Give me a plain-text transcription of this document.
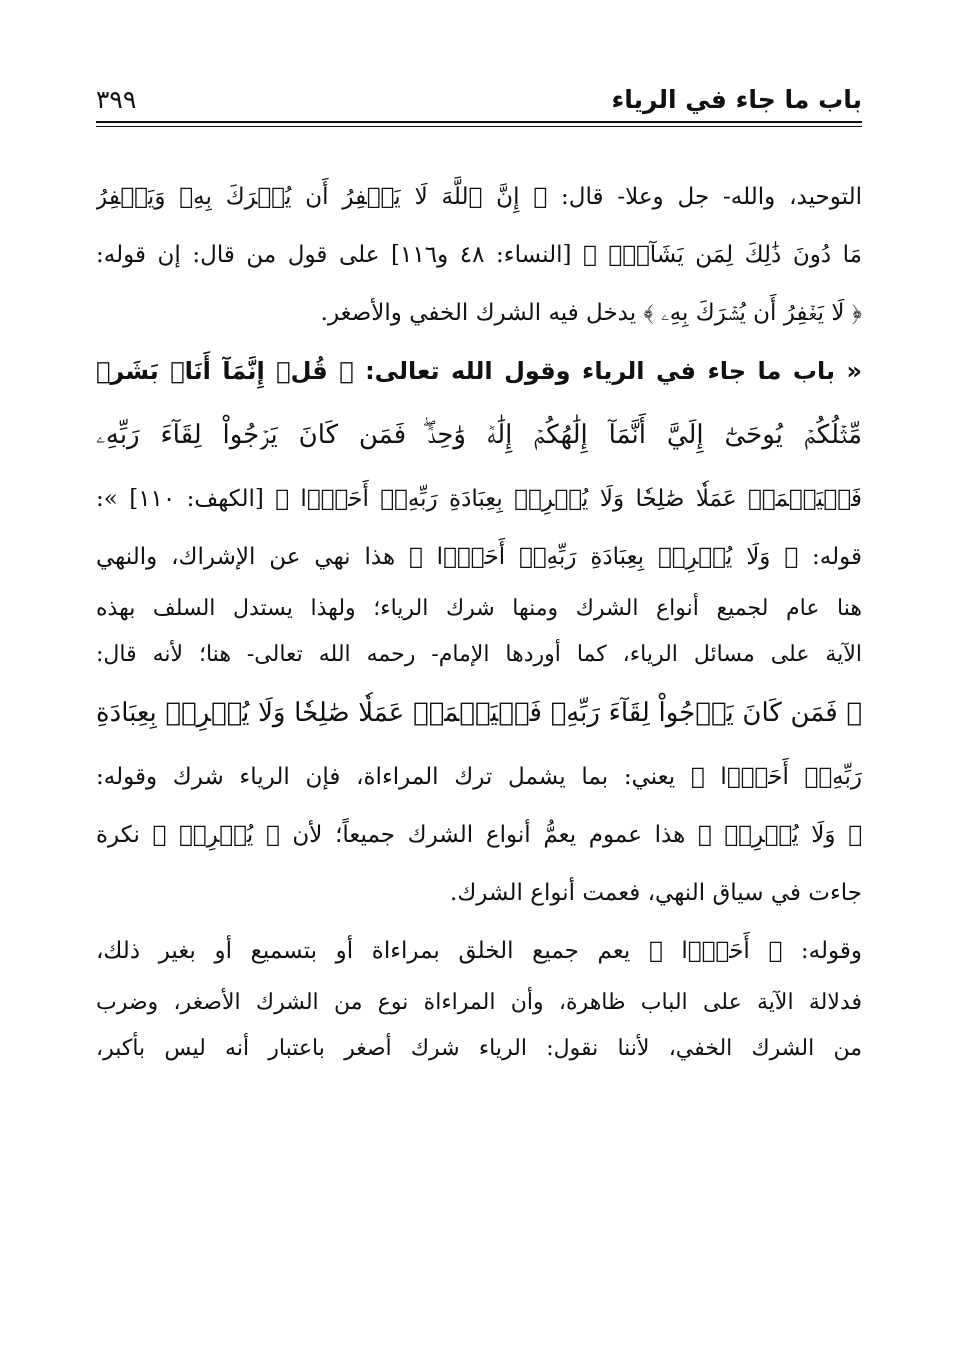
باب ما جاء في الرياء
٣٩٩
التوحيد، والله- جل وعلا- قال: ﴿ إِنَّ ٱللَّهَ لَا يَغۡفِرُ أَن يُشۡرَكَ بِهِۦ وَيَغۡفِرُ
مَا دُونَ ذَٰلِكَ لِمَن يَشَآءُۚ ﴾ [النساء: ٤٨ و١١٦] على قول من قال: إن قوله:
﴿ لَا يَغۡفِرُ أَن يُشۡرَكَ بِهِۦ ﴾ يدخل فيه الشرك الخفي والأصغر.
« باب ما جاء في الرياء وقول الله تعالى: ﴿ قُلۡ إِنَّمَآ أَنَا۠ بَشَرٞ
مِّثۡلُكُمۡ يُوحَىٰٓ إِلَيَّ أَنَّمَآ إِلَٰهُكُمۡ إِلَٰهٞ وَٰحِدٞۖ فَمَن كَانَ يَرۡجُواْ لِقَآءَ رَبِّهِۦ
فَلۡيَعۡمَلۡ عَمَلٗا صَٰلِحٗا وَلَا يُشۡرِكۡ بِعِبَادَةِ رَبِّهِۦٓ أَحَدَۢا ﴾ [الكهف: ١١٠] »:
قوله: ﴿ وَلَا يُشۡرِكۡ بِعِبَادَةِ رَبِّهِۦٓ أَحَدَۢا ﴾ هذا نهي عن الإشراك، والنهي
هنا عام لجميع أنواع الشرك ومنها شرك الرياء؛ ولهذا يستدل السلف بهذه
الآية على مسائل الرياء، كما أوردها الإمام- رحمه الله تعالى- هنا؛ لأنه قال:
﴿ فَمَن كَانَ يَرۡجُواْ لِقَآءَ رَبِّهِۦ فَلۡيَعۡمَلۡ عَمَلٗا صَٰلِحٗا وَلَا يُشۡرِكۡ بِعِبَادَةِ
رَبِّهِۦٓ أَحَدَۢا ﴾ يعني: بما يشمل ترك المراءاة، فإن الرياء شرك وقوله:
﴿ وَلَا يُشۡرِكۡ ﴾ هذا عموم يعمُّ أنواع الشرك جميعاً؛ لأن ﴿ يُشۡرِكۡ ﴾ نكرة
جاءت في سياق النهي، فعمت أنواع الشرك.
وقوله: ﴿ أَحَدَۢا ﴾ يعم جميع الخلق بمراءاة أو بتسميع أو بغير ذلك،
فدلالة الآية على الباب ظاهرة، وأن المراءاة نوع من الشرك الأصغر، وضرب
من الشرك الخفي، لأننا نقول: الرياء شرك أصغر باعتبار أنه ليس بأكبر،
